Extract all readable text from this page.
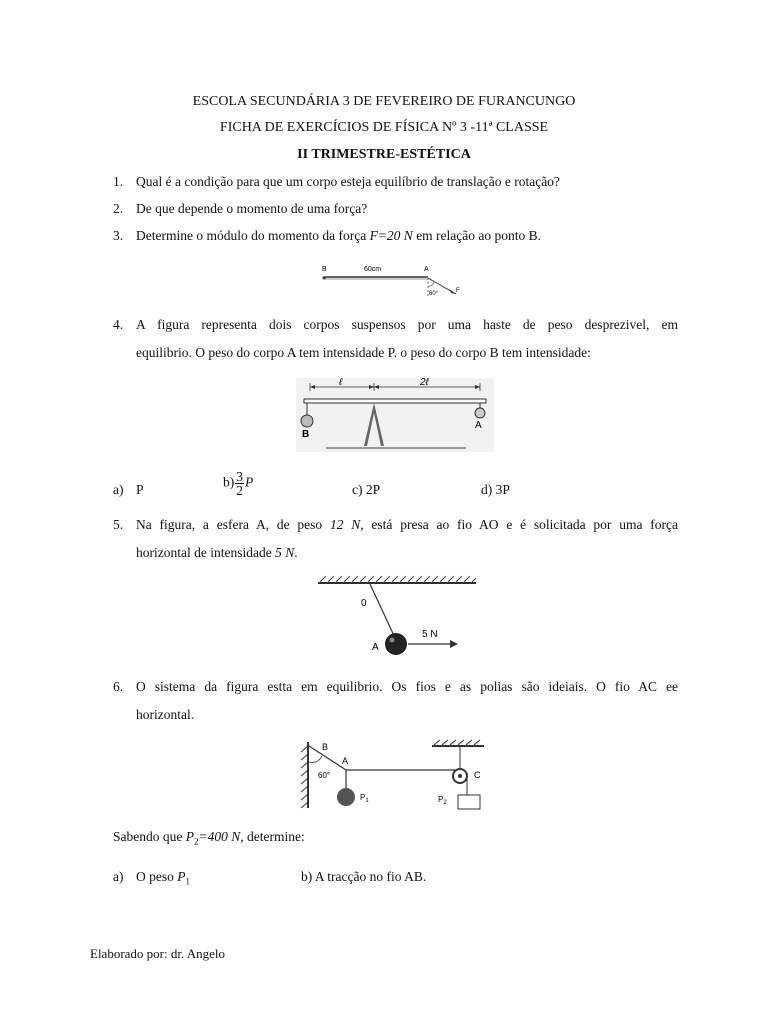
ESCOLA SECUNDÁRIA 3 DE FEVEREIRO DE FURANCUNGO
FICHA DE EXERCÍCIOS DE FÍSICA Nº 3 -11ª CLASSE
II TRIMESTRE-ESTÉTICA
1. Qual é a condição para que um corpo esteja equilíbrio de translação e rotação?
2. De que depende o momento de uma força?
3. Determine o módulo do momento da força F=20 N em relação ao ponto B.
B	60cm	A
60°	F
4. A figura representa dois corpos suspensos por uma haste de peso desprezivel, em
equilibrio. O peso do corpo A tem intensidade P. o peso do corpo B tem intensidade:
ℓ	2ℓ
B
A
a) P	$b) \frac{3}{2}$ P	c) 2P	d) 3P
5. Na figura, a esfera A, de peso 12 N, está presa ao fio AO e é solicitada por uma força
horizontal de intensidade 5 N.
0
A
5 N
6. O sistema da figura estta em equilibrio. Os fios e as polias são ideiais. O fio AC ee
horizontal.
B
A
60°	C
$P_1$	$P_2$
Sabendo que $P_2=400$ N, determine:
a) O peso $P_1$	b) A tracção no fio AB.
Elaborado por: dr. Angelo
